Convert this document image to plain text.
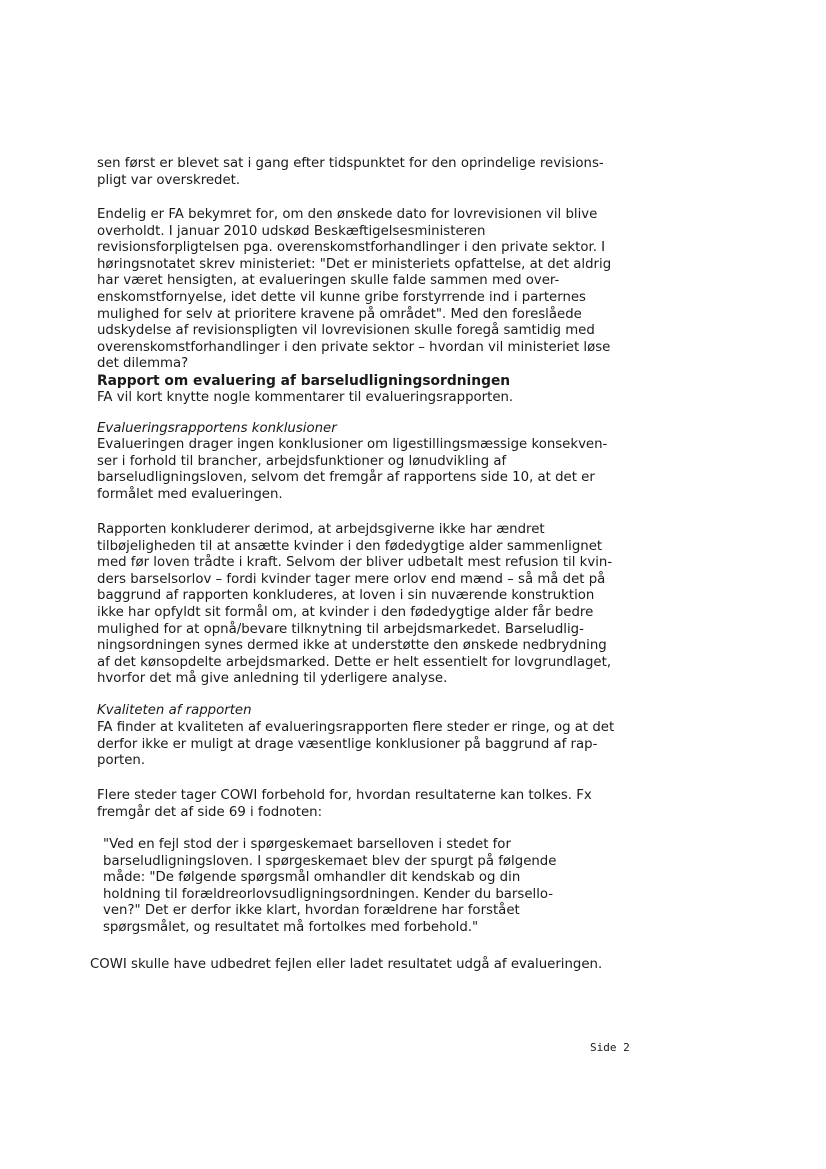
sen først er blevet sat i gang efter tidspunktet for den oprindelige revisions-
pligt var overskredet.
Endelig er FA bekymret for, om den ønskede dato for lovrevisionen vil blive
overholdt. I januar 2010 udskød Beskæftigelsesministeren
revisionsforpligtelsen pga. overenskomstforhandlinger i den private sektor. I
høringsnotatet skrev ministeriet: "Det er ministeriets opfattelse, at det aldrig
har været hensigten, at evalueringen skulle falde sammen med over-
enskomstfornyelse, idet dette vil kunne gribe forstyrrende ind i parternes
mulighed for selv at prioritere kravene på området". Med den foreslåede
udskydelse af revisionspligten vil lovrevisionen skulle foregå samtidig med
overenskomstforhandlinger i den private sektor – hvordan vil ministeriet løse
det dilemma?
Rapport om evaluering af barseludligningsordningen
FA vil kort knytte nogle kommentarer til evalueringsrapporten.
Evalueringsrapportens konklusioner
Evalueringen drager ingen konklusioner om ligestillingsmæssige konsekven-
ser i forhold til brancher, arbejdsfunktioner og lønudvikling af
barseludligningsloven, selvom det fremgår af rapportens side 10, at det er
formålet med evalueringen.
Rapporten konkluderer derimod, at arbejdsgiverne ikke har ændret
tilbøjeligheden til at ansætte kvinder i den fødedygtige alder sammenlignet
med før loven trådte i kraft. Selvom der bliver udbetalt mest refusion til kvin-
ders barselsorlov – fordi kvinder tager mere orlov end mænd – så må det på
baggrund af rapporten konkluderes, at loven i sin nuværende konstruktion
ikke har opfyldt sit formål om, at kvinder i den fødedygtige alder får bedre
mulighed for at opnå/bevare tilknytning til arbejdsmarkedet. Barseludlig-
ningsordningen synes dermed ikke at understøtte den ønskede nedbrydning
af det kønsopdelte arbejdsmarked. Dette er helt essentielt for lovgrundlaget,
hvorfor det må give anledning til yderligere analyse.
Kvaliteten af rapporten
FA finder at kvaliteten af evalueringsrapporten flere steder er ringe, og at det
derfor ikke er muligt at drage væsentlige konklusioner på baggrund af rap-
porten.
Flere steder tager COWI forbehold for, hvordan resultaterne kan tolkes. Fx
fremgår det af side 69 i fodnoten:
"Ved en fejl stod der i spørgeskemaet barselloven i stedet for
barseludligningsloven. I spørgeskemaet blev der spurgt på følgende
måde: "De følgende spørgsmål omhandler dit kendskab og din
holdning til forældreorlovsudligningsordningen. Kender du barsello-
ven?" Det er derfor ikke klart, hvordan forældrene har forstået
spørgsmålet, og resultatet må fortolkes med forbehold."
COWI skulle have udbedret fejlen eller ladet resultatet udgå af evalueringen.
Side 2
